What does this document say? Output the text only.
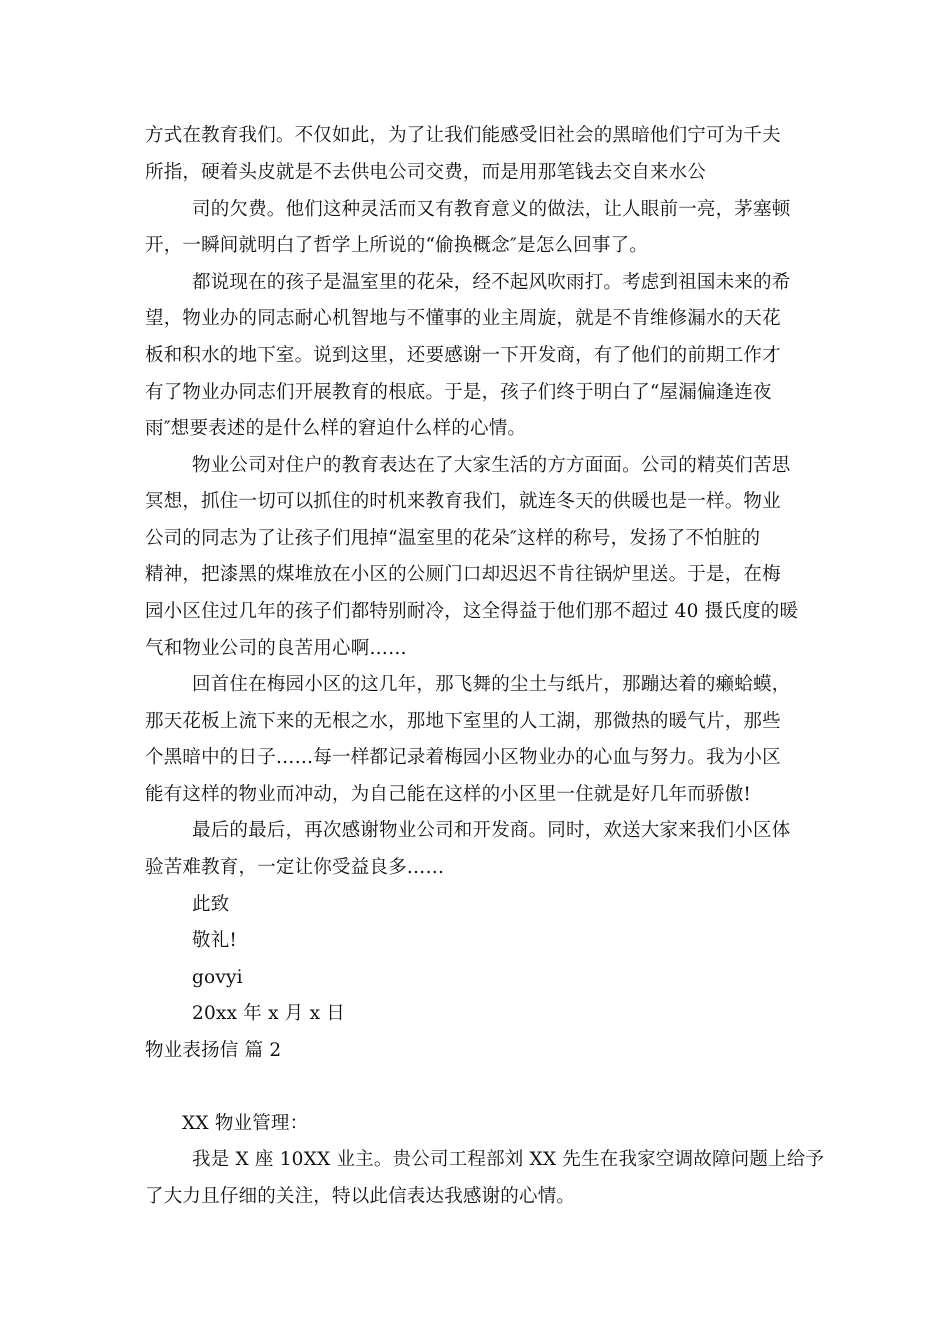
方式在教育我们。不仅如此，为了让我们能感受旧社会的黑暗他们宁可为千夫
所指，硬着头皮就是不去供电公司交费，而是用那笔钱去交自来水公
司的欠费。他们这种灵活而又有教育意义的做法，让人眼前一亮，茅塞顿
开，一瞬间就明白了哲学上所说的“偷换概念″是怎么回事了。
都说现在的孩子是温室里的花朵，经不起风吹雨打。考虑到祖国未来的希
望，物业办的同志耐心机智地与不懂事的业主周旋，就是不肯维修漏水的天花
板和积水的地下室。说到这里，还要感谢一下开发商，有了他们的前期工作才
有了物业办同志们开展教育的根底。于是，孩子们终于明白了“屋漏偏逢连夜
雨″想要表述的是什么样的窘迫什么样的心情。
物业公司对住户的教育表达在了大家生活的方方面面。公司的精英们苦思
冥想，抓住一切可以抓住的时机来教育我们，就连冬天的供暖也是一样。物业
公司的同志为了让孩子们甩掉“温室里的花朵″这样的称号，发扬了不怕脏的
精神，把漆黑的煤堆放在小区的公厕门口却迟迟不肯往锅炉里送。于是，在梅
园小区住过几年的孩子们都特别耐冷，这全得益于他们那不超过 40 摄氏度的暖
气和物业公司的良苦用心啊……
回首住在梅园小区的这几年，那飞舞的尘土与纸片，那蹦达着的癞蛤蟆，
那天花板上流下来的无根之水，那地下室里的人工湖，那微热的暖气片，那些
个黑暗中的日子……每一样都记录着梅园小区物业办的心血与努力。我为小区
能有这样的物业而冲动，为自己能在这样的小区里一住就是好几年而骄傲!
最后的最后，再次感谢物业公司和开发商。同时，欢送大家来我们小区体
验苦难教育，一定让你受益良多……
此致
敬礼!
govyi
20xx 年 x 月 x 日
物业表扬信 篇 2
XX 物业管理：
我是 X 座 10XX 业主。贵公司工程部刘 XX 先生在我家空调故障问题上给予
了大力且仔细的关注，特以此信表达我感谢的心情。
